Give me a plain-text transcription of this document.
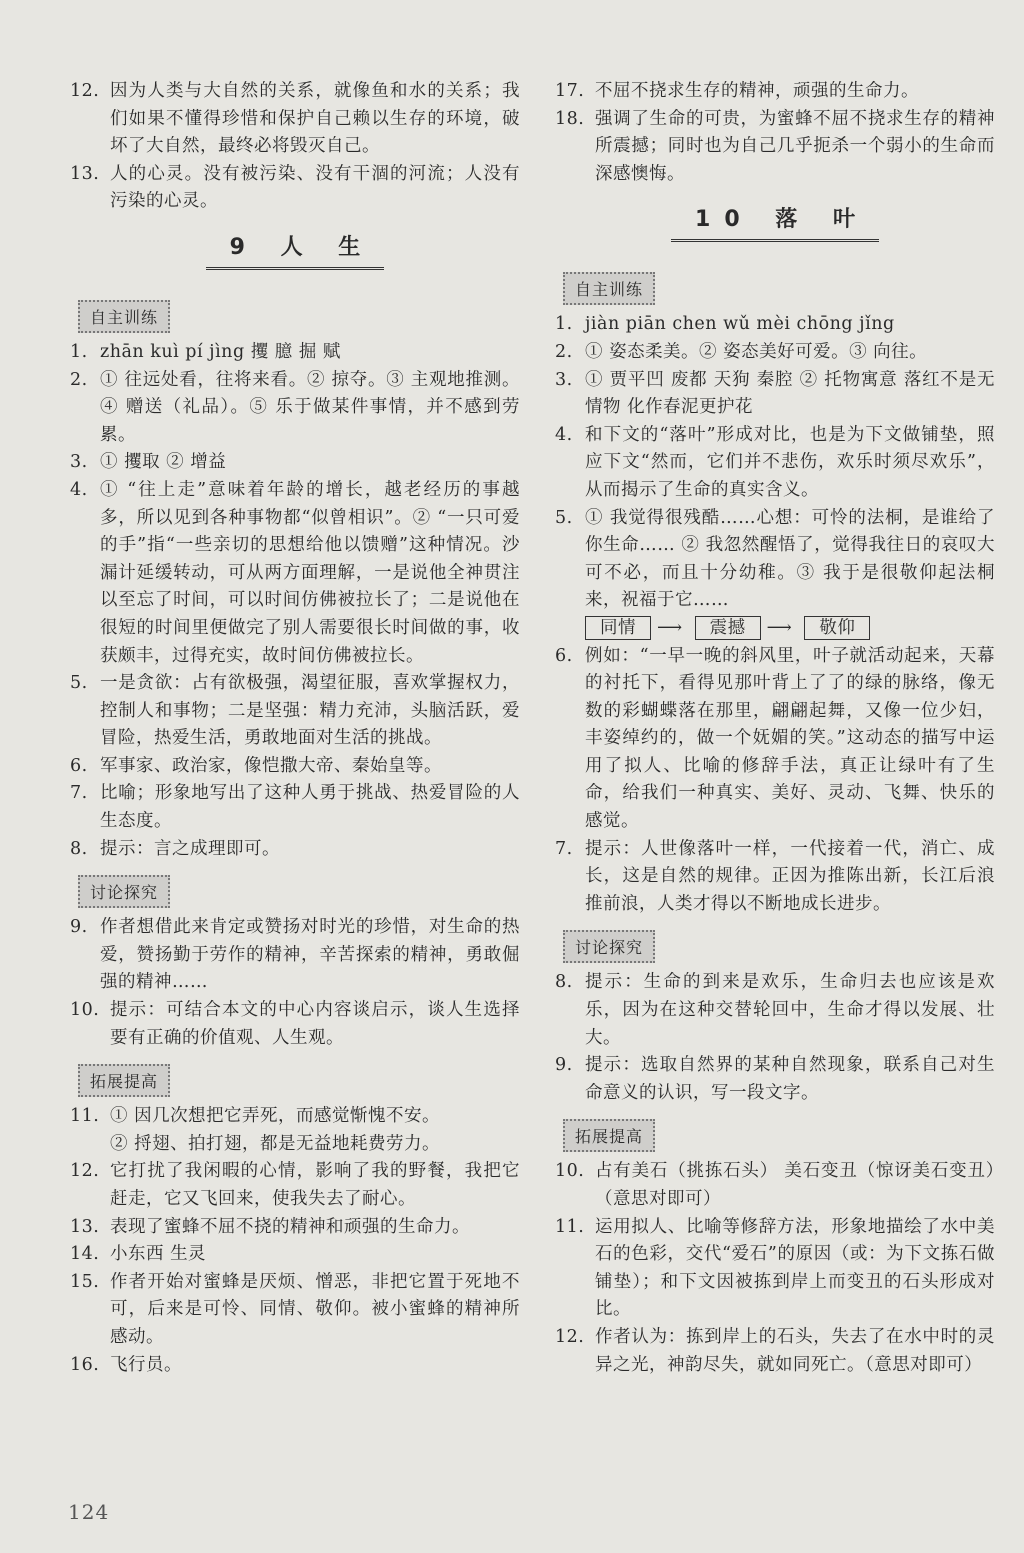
12. 因为人类与大自然的关系，就像鱼和水的关系；我们如果不懂得珍惜和保护自己赖以生存的环境，破坏了大自然，最终必将毁灭自己。

13. 人的心灵。没有被污染、没有干涸的河流；人没有污染的心灵。

9 人 生
自主训练
1. zhān kuì pí jìng 攫 臆 掘 赋

2. ① 往远处看，往将来看。② 掠夺。③ 主观地推测。④ 赠送（礼品）。⑤ 乐于做某件事情，并不感到劳累。

3. ① 攫取 ② 增益

4. ① “往上走”意味着年龄的增长，越老经历的事越多，所以见到各种事物都“似曾相识”。② “一只可爱的手”指“一些亲切的思想给他以馈赠”这种情况。沙漏计延缓转动，可从两方面理解，一是说他全神贯注以至忘了时间，可以时间仿佛被拉长了；二是说他在很短的时间里便做完了别人需要很长时间做的事，收获颇丰，过得充实，故时间仿佛被拉长。

5. 一是贪欲：占有欲极强，渴望征服，喜欢掌握权力，控制人和事物；二是坚强：精力充沛，头脑活跃，爱冒险，热爱生活，勇敢地面对生活的挑战。

6. 军事家、政治家，像恺撒大帝、秦始皇等。

7. 比喻；形象地写出了这种人勇于挑战、热爱冒险的人生态度。

8. 提示：言之成理即可。

讨论探究
9. 作者想借此来肯定或赞扬对时光的珍惜，对生命的热爱，赞扬勤于劳作的精神，辛苦探索的精神，勇敢倔强的精神……

10. 提示：可结合本文的中心内容谈启示，谈人生选择要有正确的价值观、人生观。

拓展提高
11. ① 因几次想把它弄死，而感觉惭愧不安。

② 捋翅、拍打翅，都是无益地耗费劳力。

12. 它打扰了我闲暇的心情，影响了我的野餐，我把它赶走，它又飞回来，使我失去了耐心。

13. 表现了蜜蜂不屈不挠的精神和顽强的生命力。

14. 小东西 生灵

15. 作者开始对蜜蜂是厌烦、憎恶，非把它置于死地不可，后来是可怜、同情、敬仰。被小蜜蜂的精神所感动。

16. 飞行员。

17. 不屈不挠求生存的精神，顽强的生命力。

18. 强调了生命的可贵，为蜜蜂不屈不挠求生存的精神所震撼；同时也为自己几乎扼杀一个弱小的生命而深感懊悔。

10 落 叶
自主训练
1. jiàn piān chen wǔ mèi chōng jǐng

2. ① 姿态柔美。② 姿态美好可爱。③ 向往。

3. ① 贾平凹 废都 天狗 秦腔 ② 托物寓意 落红不是无情物 化作春泥更护花

4. 和下文的“落叶”形成对比，也是为下文做铺垫，照应下文“然而，它们并不悲伤，欢乐时须尽欢乐”，从而揭示了生命的真实含义。

5. ① 我觉得很残酷……心想：可怜的法桐，是谁给了你生命…… ② 我忽然醒悟了，觉得我往日的哀叹大可不必，而且十分幼稚。③ 我于是很敬仰起法桐来，祝福于它……

同情 ⟶ 震撼 ⟶ 敬仰

6. 例如：“一早一晚的斜风里，叶子就活动起来，天幕的衬托下，看得见那叶背上了了的绿的脉络，像无数的彩蝴蝶落在那里，翩翩起舞，又像一位少妇，丰姿绰约的，做一个妩媚的笑。”这动态的描写中运用了拟人、比喻的修辞手法，真正让绿叶有了生命，给我们一种真实、美好、灵动、飞舞、快乐的感觉。

7. 提示：人世像落叶一样，一代接着一代，消亡、成长，这是自然的规律。正因为推陈出新，长江后浪推前浪，人类才得以不断地成长进步。

讨论探究
8. 提示：生命的到来是欢乐，生命归去也应该是欢乐，因为在这种交替轮回中，生命才得以发展、壮大。

9. 提示：选取自然界的某种自然现象，联系自己对生命意义的认识，写一段文字。

拓展提高
10. 占有美石（挑拣石头） 美石变丑（惊讶美石变丑）（意思对即可）

11. 运用拟人、比喻等修辞方法，形象地描绘了水中美石的色彩，交代“爱石”的原因（或：为下文拣石做铺垫）；和下文因被拣到岸上而变丑的石头形成对比。

12. 作者认为：拣到岸上的石头，失去了在水中时的灵异之光，神韵尽失，就如同死亡。（意思对即可）

124
